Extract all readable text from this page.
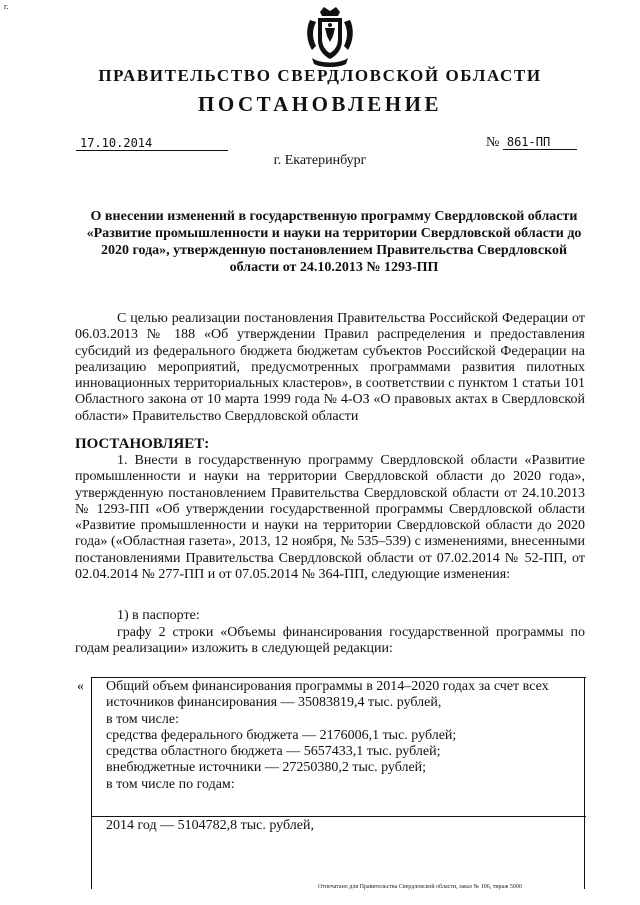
г.
ПРАВИТЕЛЬСТВО СВЕРДЛОВСКОЙ ОБЛАСТИ
ПОСТАНОВЛЕНИЕ
17.10.2014	№ 861-ПП
г. Екатеринбург
О внесении изменений в государственную программу Свердловской области «Развитие промышленности и науки на территории Свердловской области до 2020 года», утвержденную постановлением Правительства Свердловской области от 24.10.2013 № 1293-ПП
С целью реализации постановления Правительства Российской Федерации от 06.03.2013 № 188 «Об утверждении Правил распределения и предоставления субсидий из федерального бюджета бюджетам субъектов Российской Федерации на реализацию мероприятий, предусмотренных программами развития пилотных инновационных территориальных кластеров», в соответствии с пунктом 1 статьи 101 Областного закона от 10 марта 1999 года № 4-ОЗ «О правовых актах в Свердловской области» Правительство Свердловской области
ПОСТАНОВЛЯЕТ:
1. Внести в государственную программу Свердловской области «Развитие промышленности и науки на территории Свердловской области до 2020 года», утвержденную постановлением Правительства Свердловской области от 24.10.2013 № 1293-ПП «Об утверждении государственной программы Свердловской области «Развитие промышленности и науки на территории Свердловской области до 2020 года» («Областная газета», 2013, 12 ноября, № 535–539) с изменениями, внесенными постановлениями Правительства Свердловской области от 07.02.2014 № 52-ПП, от 02.04.2014 № 277-ПП и от 07.05.2014 № 364-ПП, следующие изменения:
1) в паспорте:
графу 2 строки «Объемы финансирования государственной программы по годам реализации» изложить в следующей редакции:
« Общий объем финансирования программы в 2014–2020 годах за счет всех источников финансирования — 35083819,4 тыс. рублей,
в том числе:
средства федерального бюджета — 2176006,1 тыс. рублей;
средства областного бюджета — 5657433,1 тыс. рублей;
внебюджетные источники — 27250380,2 тыс. рублей;
в том числе по годам:
2014 год — 5104782,8 тыс. рублей,
Отпечатано для Правительства Свердловской области, заказ № 106, тираж 5000
